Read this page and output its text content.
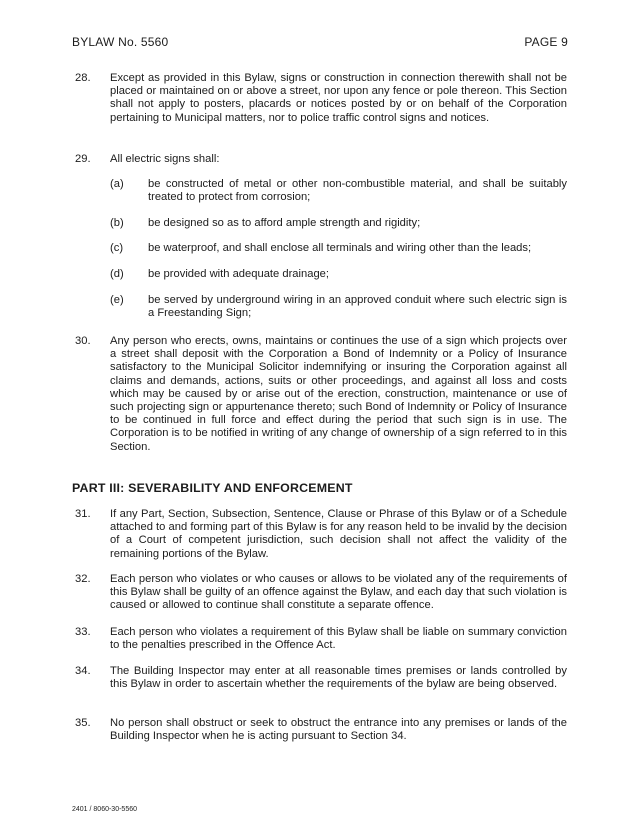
BYLAW No. 5560	PAGE 9
28. Except as provided in this Bylaw, signs or construction in connection therewith shall not be placed or maintained on or above a street, nor upon any fence or pole thereon. This Section shall not apply to posters, placards or notices posted by or on behalf of the Corporation pertaining to Municipal matters, nor to police traffic control signs and notices.
29. All electric signs shall:
(a) be constructed of metal or other non-combustible material, and shall be suitably treated to protect from corrosion;
(b) be designed so as to afford ample strength and rigidity;
(c) be waterproof, and shall enclose all terminals and wiring other than the leads;
(d) be provided with adequate drainage;
(e) be served by underground wiring in an approved conduit where such electric sign is a Freestanding Sign;
30. Any person who erects, owns, maintains or continues the use of a sign which projects over a street shall deposit with the Corporation a Bond of Indemnity or a Policy of Insurance satisfactory to the Municipal Solicitor indemnifying or insuring the Corporation against all claims and demands, actions, suits or other proceedings, and against all loss and costs which may be caused by or arise out of the erection, construction, maintenance or use of such projecting sign or appurtenance thereto; such Bond of Indemnity or Policy of Insurance to be continued in full force and effect during the period that such sign is in use. The Corporation is to be notified in writing of any change of ownership of a sign referred to in this Section.
PART III: SEVERABILITY AND ENFORCEMENT
31. If any Part, Section, Subsection, Sentence, Clause or Phrase of this Bylaw or of a Schedule attached to and forming part of this Bylaw is for any reason held to be invalid by the decision of a Court of competent jurisdiction, such decision shall not affect the validity of the remaining portions of the Bylaw.
32. Each person who violates or who causes or allows to be violated any of the requirements of this Bylaw shall be guilty of an offence against the Bylaw, and each day that such violation is caused or allowed to continue shall constitute a separate offence.
33. Each person who violates a requirement of this Bylaw shall be liable on summary conviction to the penalties prescribed in the Offence Act.
34. The Building Inspector may enter at all reasonable times premises or lands controlled by this Bylaw in order to ascertain whether the requirements of the bylaw are being observed.
35. No person shall obstruct or seek to obstruct the entrance into any premises or lands of the Building Inspector when he is acting pursuant to Section 34.
2401 / 8060-30-5560
